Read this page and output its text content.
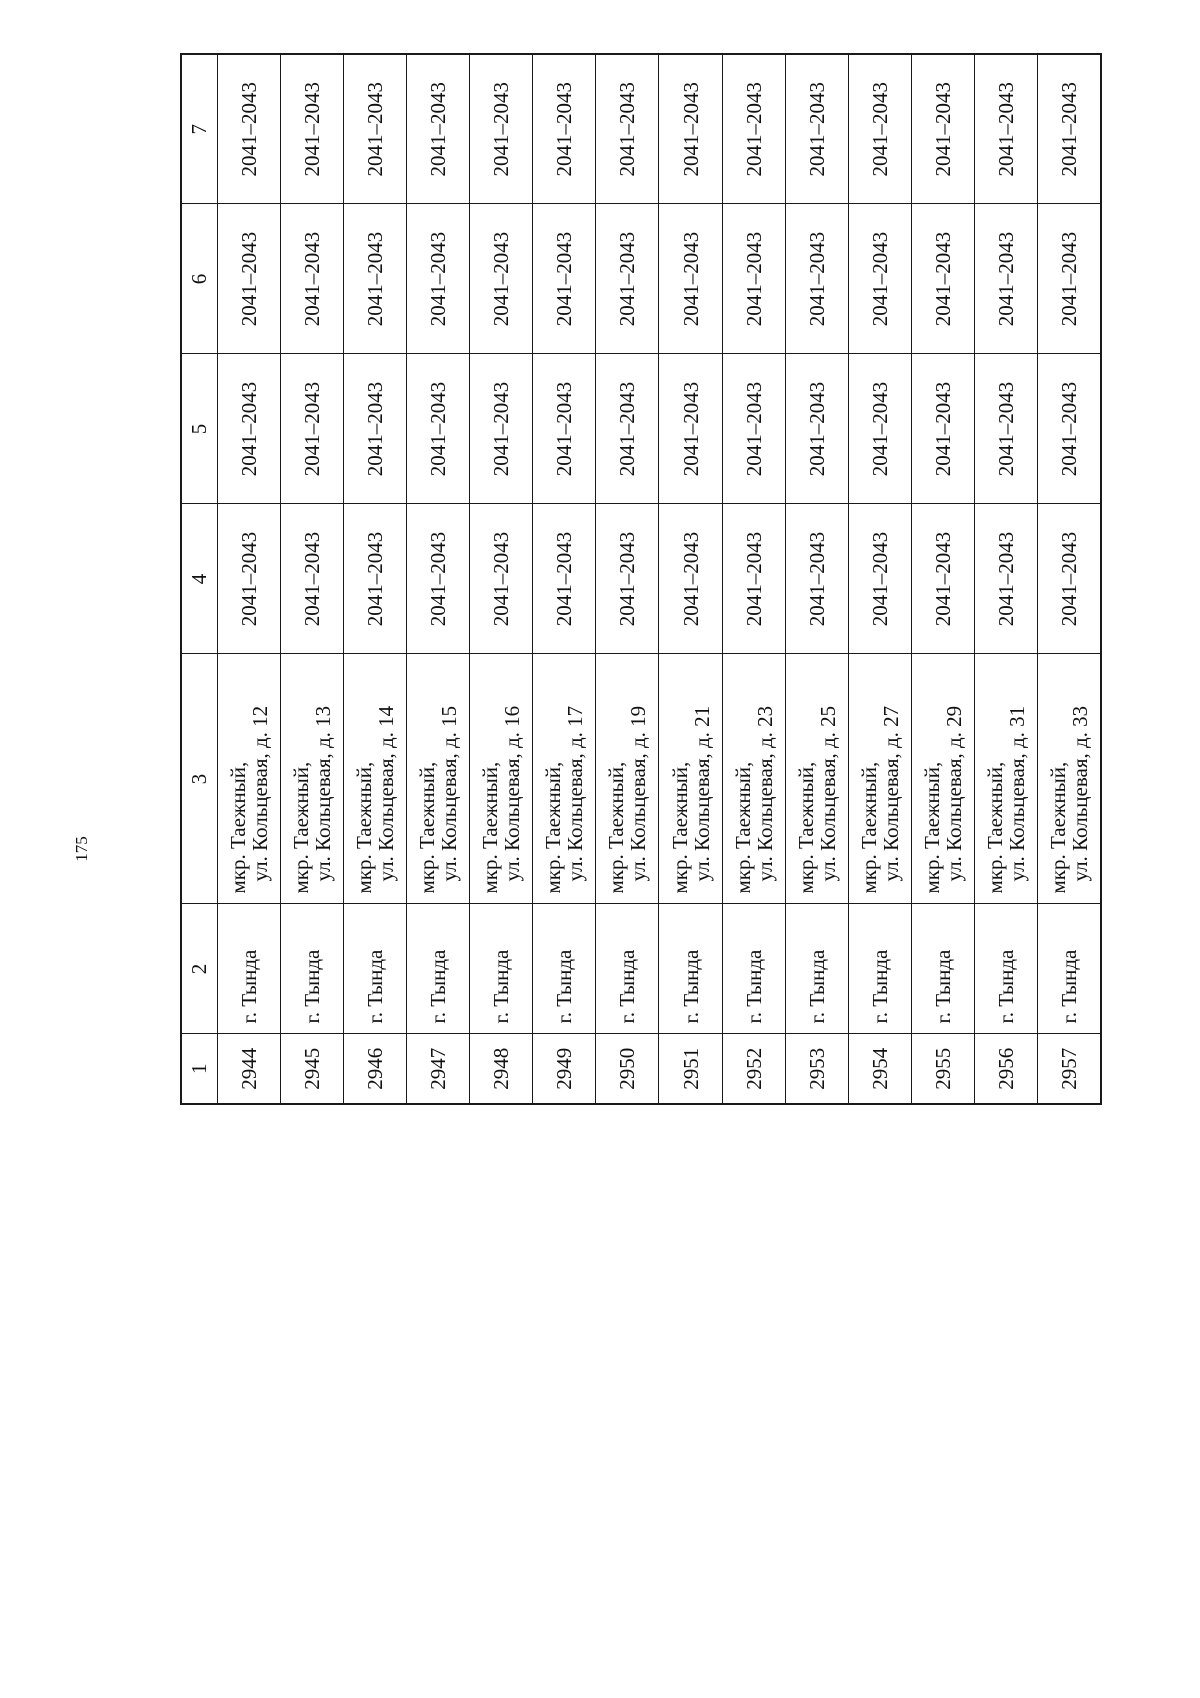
175
1	2	3	4	5	6	7
2944	г. Тында	мкр. Таежный,
ул. Кольцевая, д. 12	2041–2043	2041–2043	2041–2043	2041–2043
2945	г. Тында	мкр. Таежный,
ул. Кольцевая, д. 13	2041–2043	2041–2043	2041–2043	2041–2043
2946	г. Тында	мкр. Таежный,
ул. Кольцевая, д. 14	2041–2043	2041–2043	2041–2043	2041–2043
2947	г. Тында	мкр. Таежный,
ул. Кольцевая, д. 15	2041–2043	2041–2043	2041–2043	2041–2043
2948	г. Тында	мкр. Таежный,
ул. Кольцевая, д. 16	2041–2043	2041–2043	2041–2043	2041–2043
2949	г. Тында	мкр. Таежный,
ул. Кольцевая, д. 17	2041–2043	2041–2043	2041–2043	2041–2043
2950	г. Тында	мкр. Таежный,
ул. Кольцевая, д. 19	2041–2043	2041–2043	2041–2043	2041–2043
2951	г. Тында	мкр. Таежный,
ул. Кольцевая, д. 21	2041–2043	2041–2043	2041–2043	2041–2043
2952	г. Тында	мкр. Таежный,
ул. Кольцевая, д. 23	2041–2043	2041–2043	2041–2043	2041–2043
2953	г. Тында	мкр. Таежный,
ул. Кольцевая, д. 25	2041–2043	2041–2043	2041–2043	2041–2043
2954	г. Тында	мкр. Таежный,
ул. Кольцевая, д. 27	2041–2043	2041–2043	2041–2043	2041–2043
2955	г. Тында	мкр. Таежный,
ул. Кольцевая, д. 29	2041–2043	2041–2043	2041–2043	2041–2043
2956	г. Тында	мкр. Таежный,
ул. Кольцевая, д. 31	2041–2043	2041–2043	2041–2043	2041–2043
2957	г. Тында	мкр. Таежный,
ул. Кольцевая, д. 33	2041–2043	2041–2043	2041–2043	2041–2043
